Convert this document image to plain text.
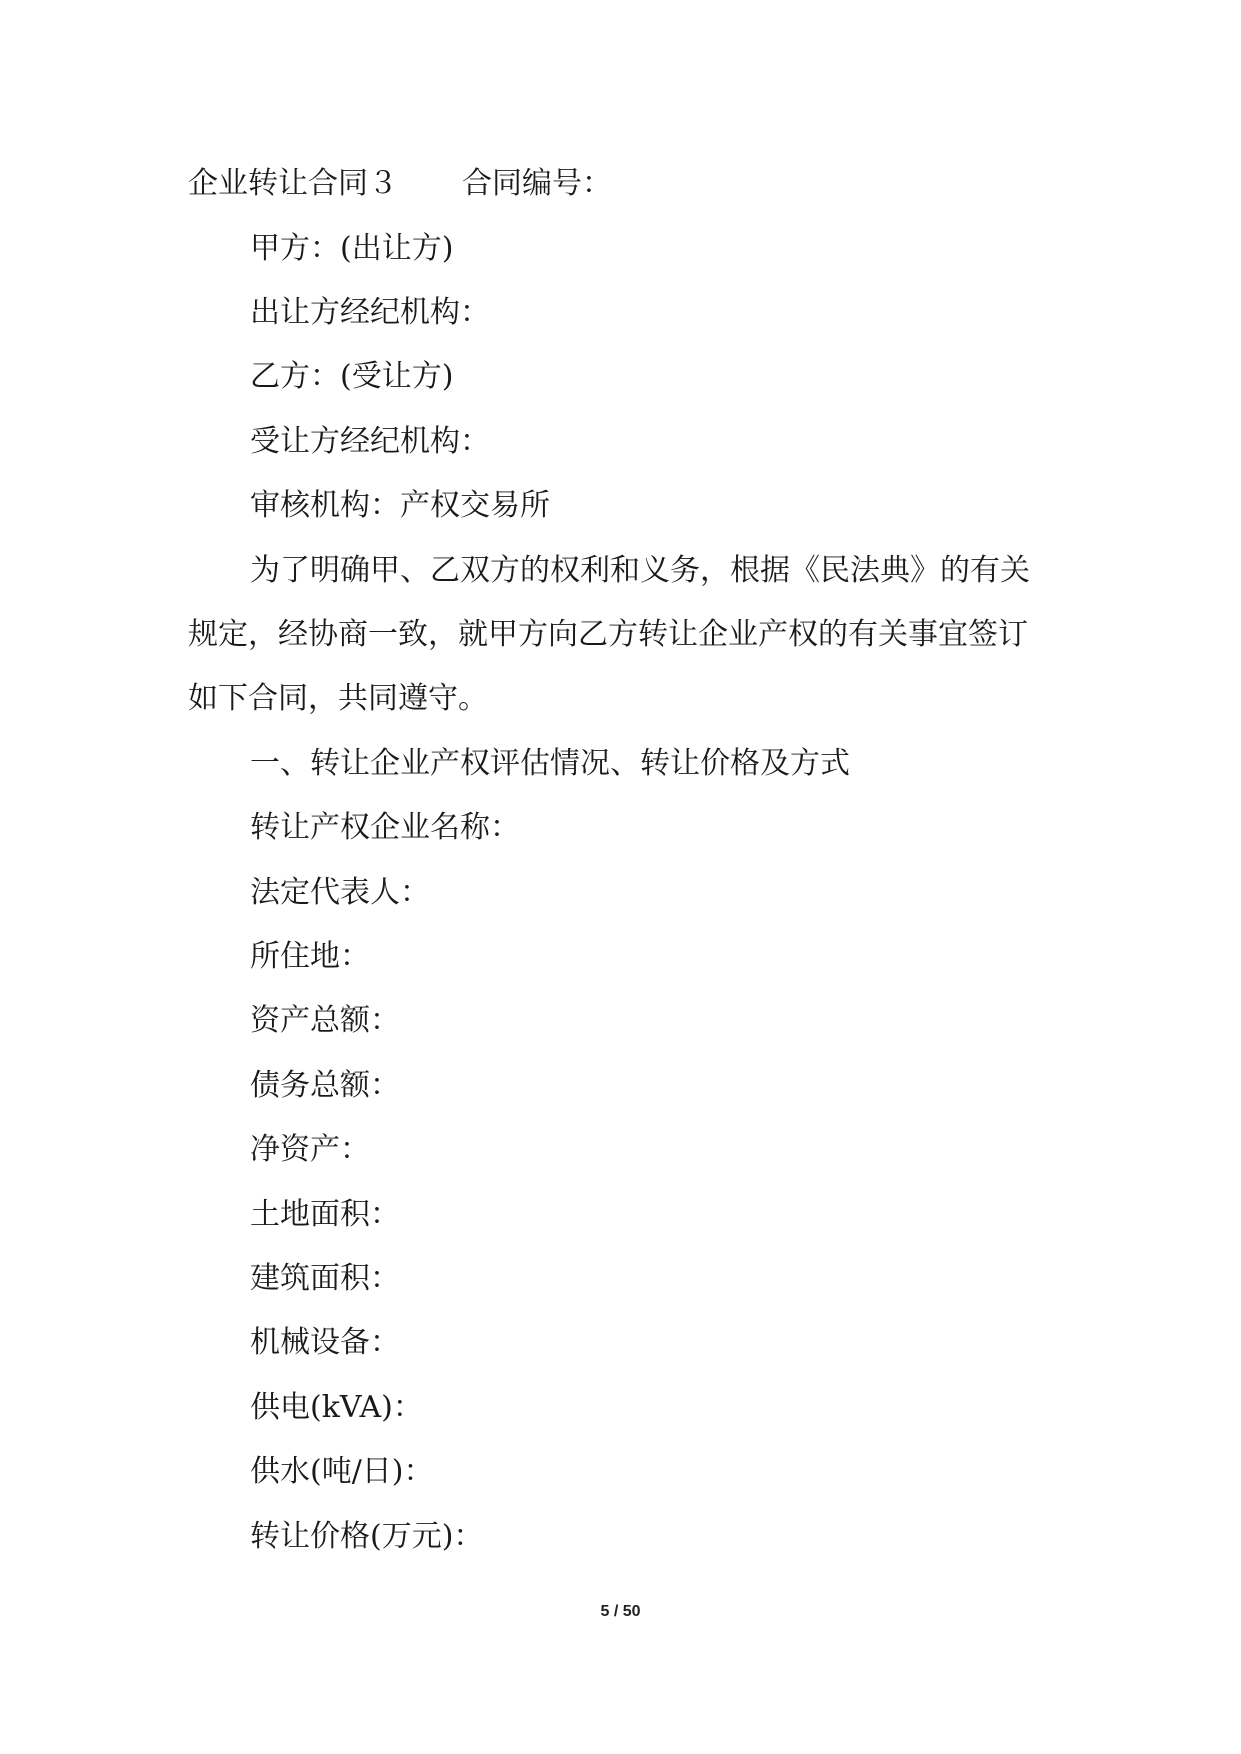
企业转让合同３ 合同编号：
甲方：(出让方)
出让方经纪机构：
乙方：(受让方)
受让方经纪机构：
审核机构：产权交易所
为了明确甲、乙双方的权利和义务，根据《民法典》的有关
规定，经协商一致，就甲方向乙方转让企业产权的有关事宜签订
如下合同，共同遵守。
一、转让企业产权评估情况、转让价格及方式
转让产权企业名称：
法定代表人：
所住地：
资产总额：
债务总额：
净资产：
土地面积：
建筑面积：
机械设备：
供电(kVA)：
供水(吨/日)：
转让价格(万元)：
5 / 50
